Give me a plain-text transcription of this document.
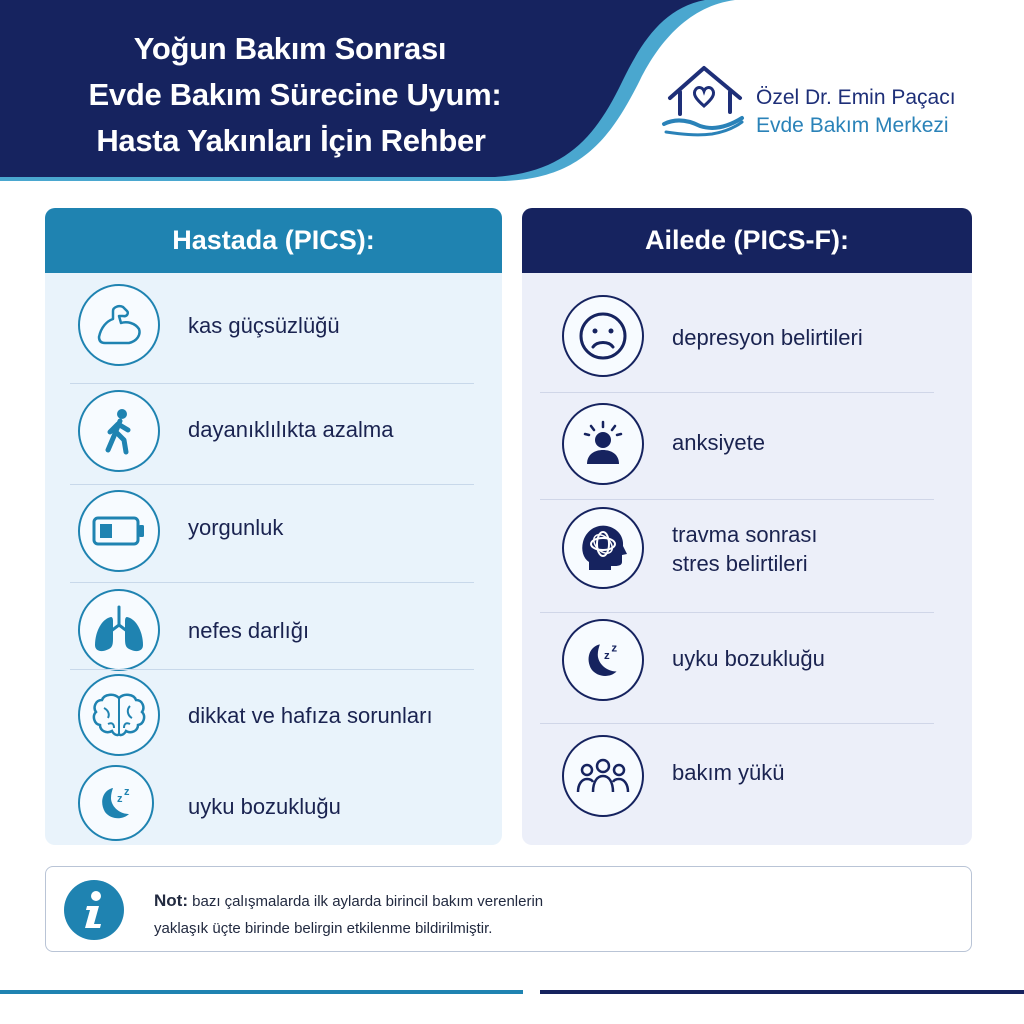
Yoğun Bakım Sonrası
Evde Bakım Sürecine Uyum:
Hasta Yakınları İçin Rehber
Özel Dr. Emin Paçacı
Evde Bakım Merkezi
Hastada (PICS):
kas güçsüzlüğü
dayanıklılıkta azalma
yorgunluk
nefes darlığı
dikkat ve hafıza sorunları
z
z
uyku bozukluğu
Ailede (PICS-F):
depresyon belirtileri
anksiyete
travma sonrası
stres belirtileri
z
z uyku bozukluğu
bakım yükü
Not: bazı çalışmalarda ilk aylarda birincil bakım verenlerin
yaklaşık üçte birinde belirgin etkilenme bildirilmiştir.
